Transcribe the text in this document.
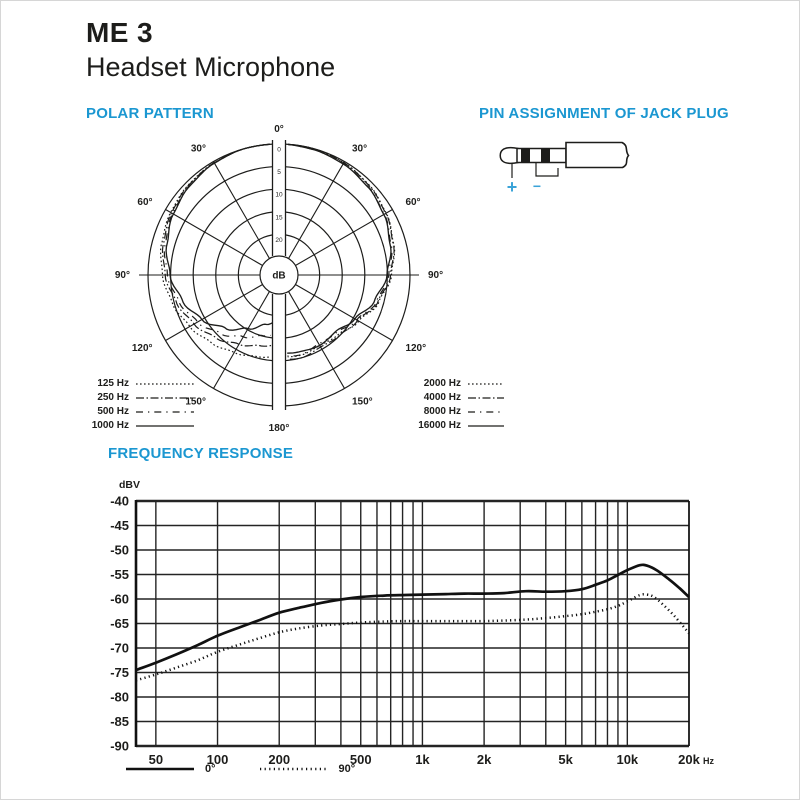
ME 3
Headset Microphone
POLAR PATTERN	PIN ASSIGNMENT OF JACK PLUG
0
5
10
15
20
dB
0°
180°
30°	30°
60°	60°
90°	90°
120°	120°
150°	150°
125 Hz
250 Hz
500 Hz
1000 Hz
2000 Hz
4000 Hz
8000 Hz
16000 Hz
+ −
FREQUENCY RESPONSE
dBV
-40
-45
-50
-55
-60
-65
-70
-75
-80
-85
-90
50	100	200	500	1k	2k	5k	10k	20k Hz
0°	90°
